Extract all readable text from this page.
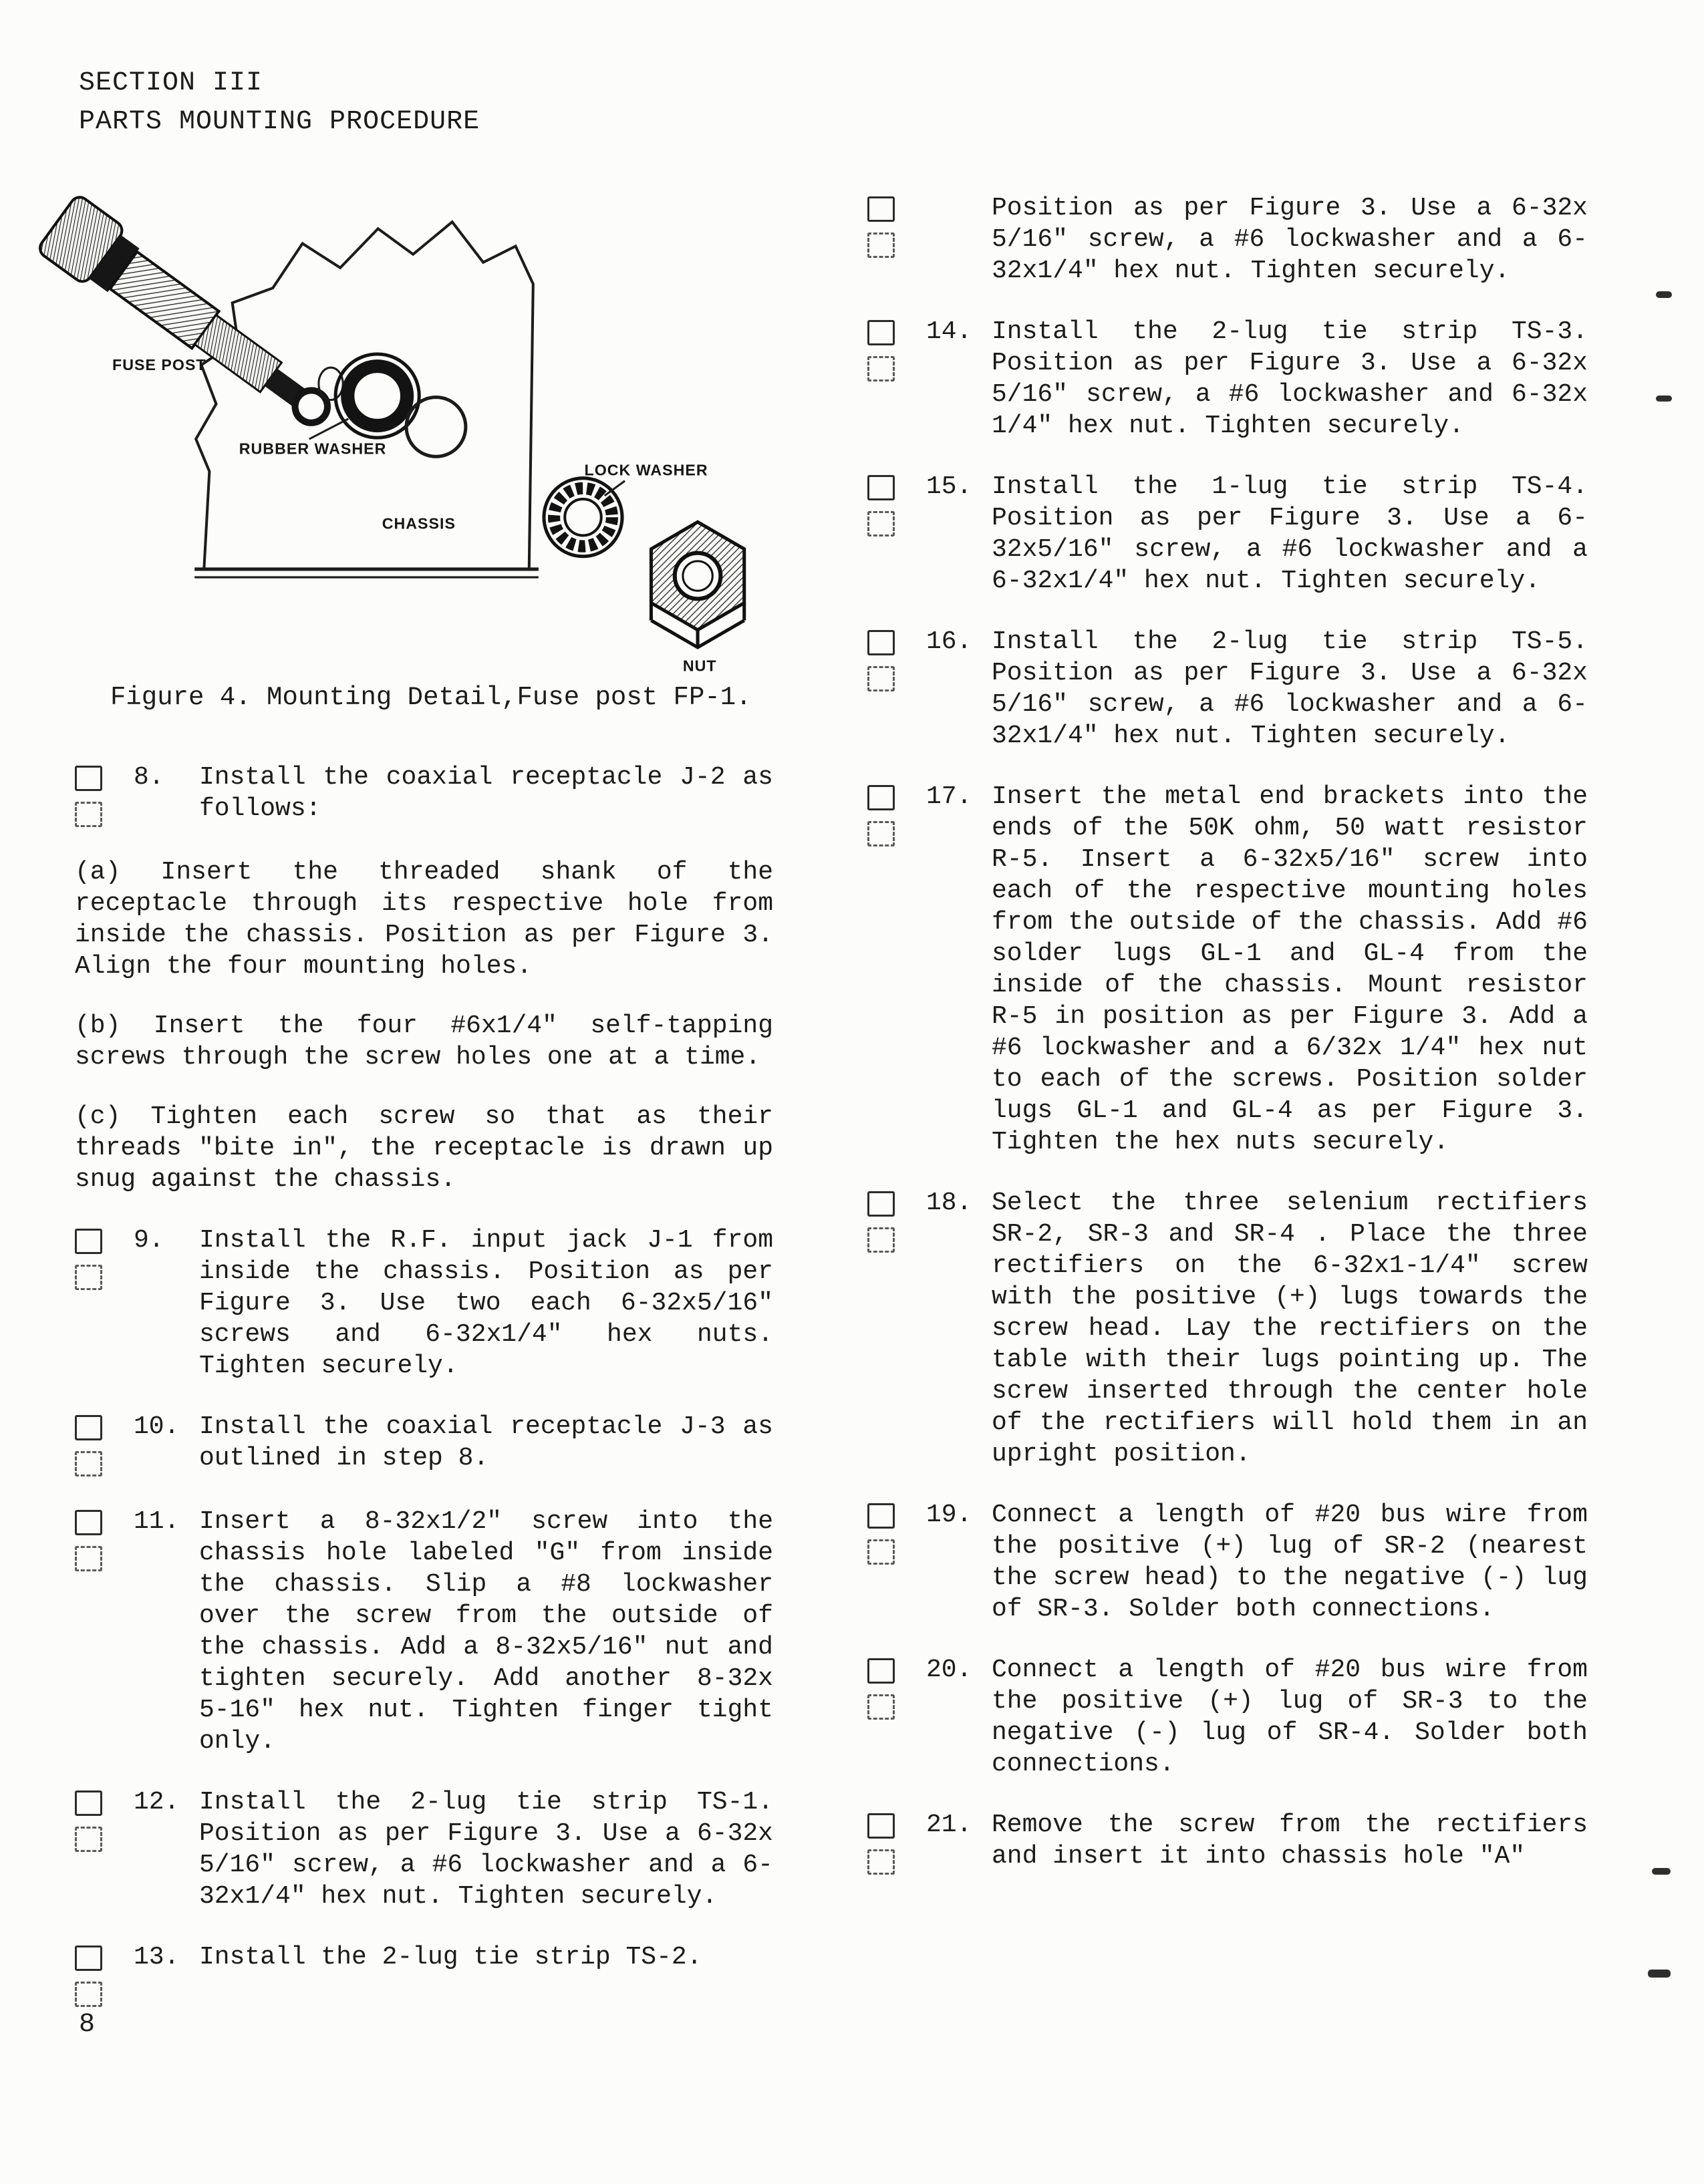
SECTION III
PARTS MOUNTING PROCEDURE
FUSE POST
RUBBER WASHER
CHASSIS
LOCK WASHER
NUT
Figure 4. Mounting Detail,Fuse post FP-1.
8.	Install the coaxial receptacle J-2 as follows:

(a) Insert the threaded shank of the receptacle through its respective hole from inside the chassis. Position as per Figure 3. Align the four mounting holes.

(b) Insert the four #6x1/4" self-tapping screws through the screw holes one at a time.

(c) Tighten each screw so that as their threads "bite in", the receptacle is drawn up snug against the chassis.

9.	Install the R.F. input jack J-1 from inside the chassis. Position as per Figure 3. Use two each 6-32x5/16" screws and 6-32x1/4" hex nuts. Tighten securely.
10. Install the coaxial receptacle J-3 as outlined in step 8.
11. Insert a 8-32x1/2" screw into the chassis hole labeled "G" from inside the chassis. Slip a #8 lockwasher over the screw from the outside of the chassis. Add a 8-32x5/16" nut and tighten securely. Add another 8-32x 5-16" hex nut. Tighten finger tight only.
12. Install the 2-lug tie strip TS-1. Position as per Figure 3. Use a 6-32x 5/16" screw, a #6 lockwasher and a 6-32x1/4" hex nut. Tighten securely.
13. Install the 2-lug tie strip TS-2.
Position as per Figure 3. Use a 6-32x 5/16" screw, a #6 lockwasher and a 6-32x1/4" hex nut. Tighten securely.
14. Install the 2-lug tie strip TS-3. Position as per Figure 3. Use a 6-32x 5/16" screw, a #6 lockwasher and 6-32x 1/4" hex nut. Tighten securely.
15. Install the 1-lug tie strip TS-4. Position as per Figure 3. Use a 6-32x5/16" screw, a #6 lockwasher and a 6-32x1/4" hex nut. Tighten securely.
16. Install the 2-lug tie strip TS-5. Position as per Figure 3. Use a 6-32x 5/16" screw, a #6 lockwasher and a 6-32x1/4" hex nut. Tighten securely.
17. Insert the metal end brackets into the ends of the 50K ohm, 50 watt resistor R-5. Insert a 6-32x5/16" screw into each of the respective mounting holes from the outside of the chassis. Add #6 solder lugs GL-1 and GL-4 from the inside of the chassis. Mount resistor R-5 in position as per Figure 3. Add a #6 lockwasher and a 6/32x 1/4" hex nut to each of the screws. Position solder lugs GL-1 and GL-4 as per Figure 3. Tighten the hex nuts securely.
18. Select the three selenium rectifiers SR-2, SR-3 and SR-4 . Place the three rectifiers on the 6-32x1-1/4" screw with the positive (+) lugs towards the screw head. Lay the rectifiers on the table with their lugs pointing up. The screw inserted through the center hole of the rectifiers will hold them in an upright position.
19. Connect a length of #20 bus wire from the positive (+) lug of SR-2 (nearest the screw head) to the negative (-) lug of SR-3. Solder both connections.
20. Connect a length of #20 bus wire from the positive (+) lug of SR-3 to the negative (-) lug of SR-4. Solder both connections.
21. Remove the screw from the rectifiers and insert it into chassis hole "A"
8
